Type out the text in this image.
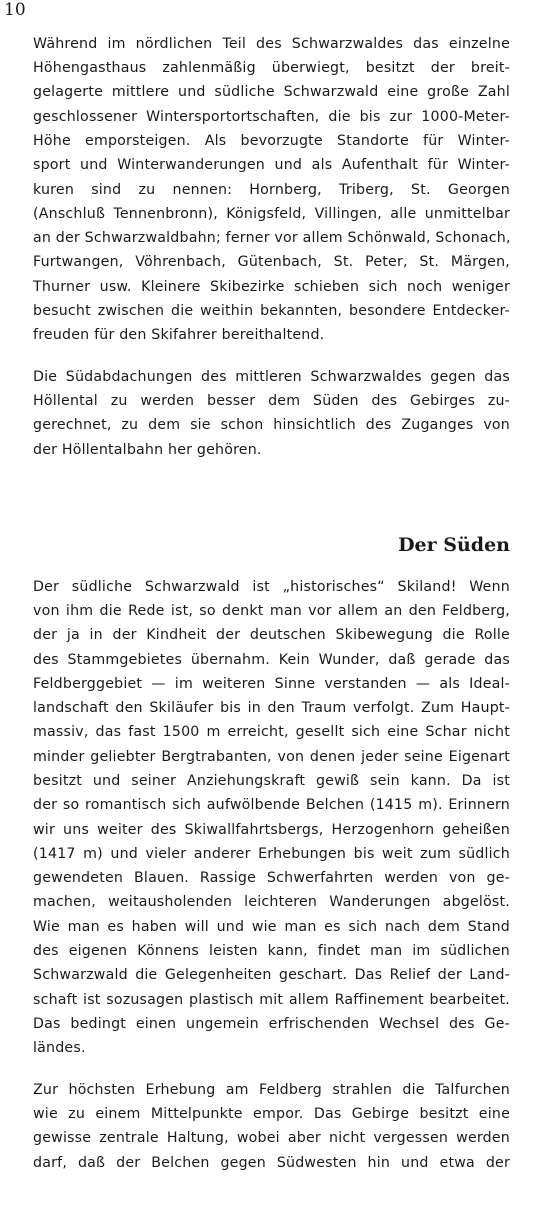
10
Während im nördlichen Teil des Schwarzwaldes das einzelne
Höhengasthaus zahlenmäßig überwiegt, besitzt der breit-
gelagerte mittlere und südliche Schwarzwald eine große Zahl
geschlossener Wintersportortschaften, die bis zur 1000-Meter-
Höhe emporsteigen. Als bevorzugte Standorte für Winter-
sport und Winterwanderungen und als Aufenthalt für Winter-
kuren sind zu nennen: Hornberg, Triberg, St. Georgen
(Anschluß Tennenbronn), Königsfeld, Villingen, alle unmittelbar
an der Schwarzwaldbahn; ferner vor allem Schönwald, Schonach,
Furtwangen, Vöhrenbach, Gütenbach, St. Peter, St. Märgen,
Thurner usw. Kleinere Skibezirke schieben sich noch weniger
besucht zwischen die weithin bekannten, besondere Entdecker-
freuden für den Skifahrer bereithaltend.
Die Südabdachungen des mittleren Schwarzwaldes gegen das
Höllental zu werden besser dem Süden des Gebirges zu-
gerechnet, zu dem sie schon hinsichtlich des Zuganges von
der Höllentalbahn her gehören.
Der Süden
Der südliche Schwarzwald ist „historisches“ Skiland! Wenn
von ihm die Rede ist, so denkt man vor allem an den Feldberg,
der ja in der Kindheit der deutschen Skibewegung die Rolle
des Stammgebietes übernahm. Kein Wunder, daß gerade das
Feldberggebiet — im weiteren Sinne verstanden — als Ideal-
landschaft den Skiläufer bis in den Traum verfolgt. Zum Haupt-
massiv, das fast 1500 m erreicht, gesellt sich eine Schar nicht
minder geliebter Bergtrabanten, von denen jeder seine Eigenart
besitzt und seiner Anziehungskraft gewiß sein kann. Da ist
der so romantisch sich aufwölbende Belchen (1415 m). Erinnern
wir uns weiter des Skiwallfahrtsbergs, Herzogenhorn geheißen
(1417 m) und vieler anderer Erhebungen bis weit zum südlich
gewendeten Blauen. Rassige Schwerfahrten werden von ge-
machen, weitausholenden leichteren Wanderungen abgelöst.
Wie man es haben will und wie man es sich nach dem Stand
des eigenen Könnens leisten kann, findet man im südlichen
Schwarzwald die Gelegenheiten geschart. Das Relief der Land-
schaft ist sozusagen plastisch mit allem Raffinement bearbeitet.
Das bedingt einen ungemein erfrischenden Wechsel des Ge-
ländes.
Zur höchsten Erhebung am Feldberg strahlen die Talfurchen
wie zu einem Mittelpunkte empor. Das Gebirge besitzt eine
gewisse zentrale Haltung, wobei aber nicht vergessen werden
darf, daß der Belchen gegen Südwesten hin und etwa der
